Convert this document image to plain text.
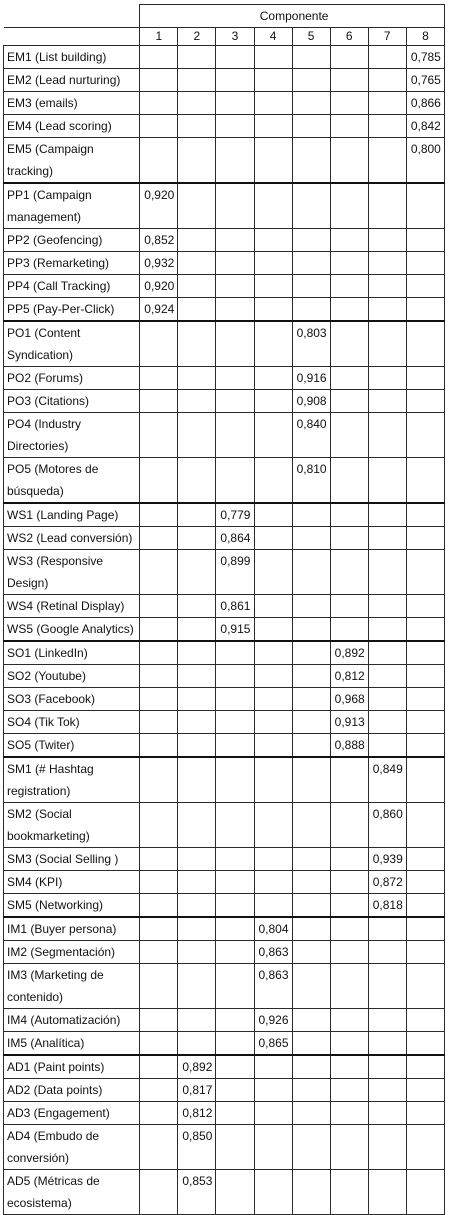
	Componente							
	1	2	3	4	5	6	7	8
EM1 (List building)								0,785
EM2 (Lead nurturing)								0,765
EM3 (emails)								0,866
EM4 (Lead scoring)								0,842
EM5 (Campaign tracking)								0,800
PP1 (Campaign management)	0,920							
PP2 (Geofencing)	0,852							
PP3 (Remarketing)	0,932							
PP4 (Call Tracking)	0,920							
PP5 (Pay-Per-Click)	0,924							
PO1 (Content Syndication)					0,803			
PO2 (Forums)					0,916			
PO3 (Citations)					0,908			
PO4 (Industry Directories)					0,840			
PO5 (Motores de búsqueda)					0,810			
WS1 (Landing Page)			0,779					
WS2 (Lead conversión)			0,864					
WS3 (Responsive Design)			0,899					
WS4 (Retinal Display)			0,861					
WS5 (Google Analytics)			0,915					
SO1 (LinkedIn)						0,892		
SO2 (Youtube)						0,812		
SO3 (Facebook)						0,968		
SO4 (Tik Tok)						0,913		
SO5 (Twiter)						0,888		
SM1 (# Hashtag registration)							0,849	
SM2 (Social bookmarketing)							0,860	
SM3 (Social Selling )							0,939	
SM4 (KPI)							0,872	
SM5 (Networking)							0,818	
IM1 (Buyer persona)				0,804				
IM2 (Segmentación)				0,863				
IM3 (Marketing de contenido)				0,863				
IM4 (Automatización)				0,926				
IM5 (Analítica)				0,865				
AD1 (Paint points)		0,892						
AD2 (Data points)		0,817						
AD3 (Engagement)		0,812						
AD4 (Embudo de conversión)		0,850						
AD5 (Métricas de ecosistema)		0,853						
